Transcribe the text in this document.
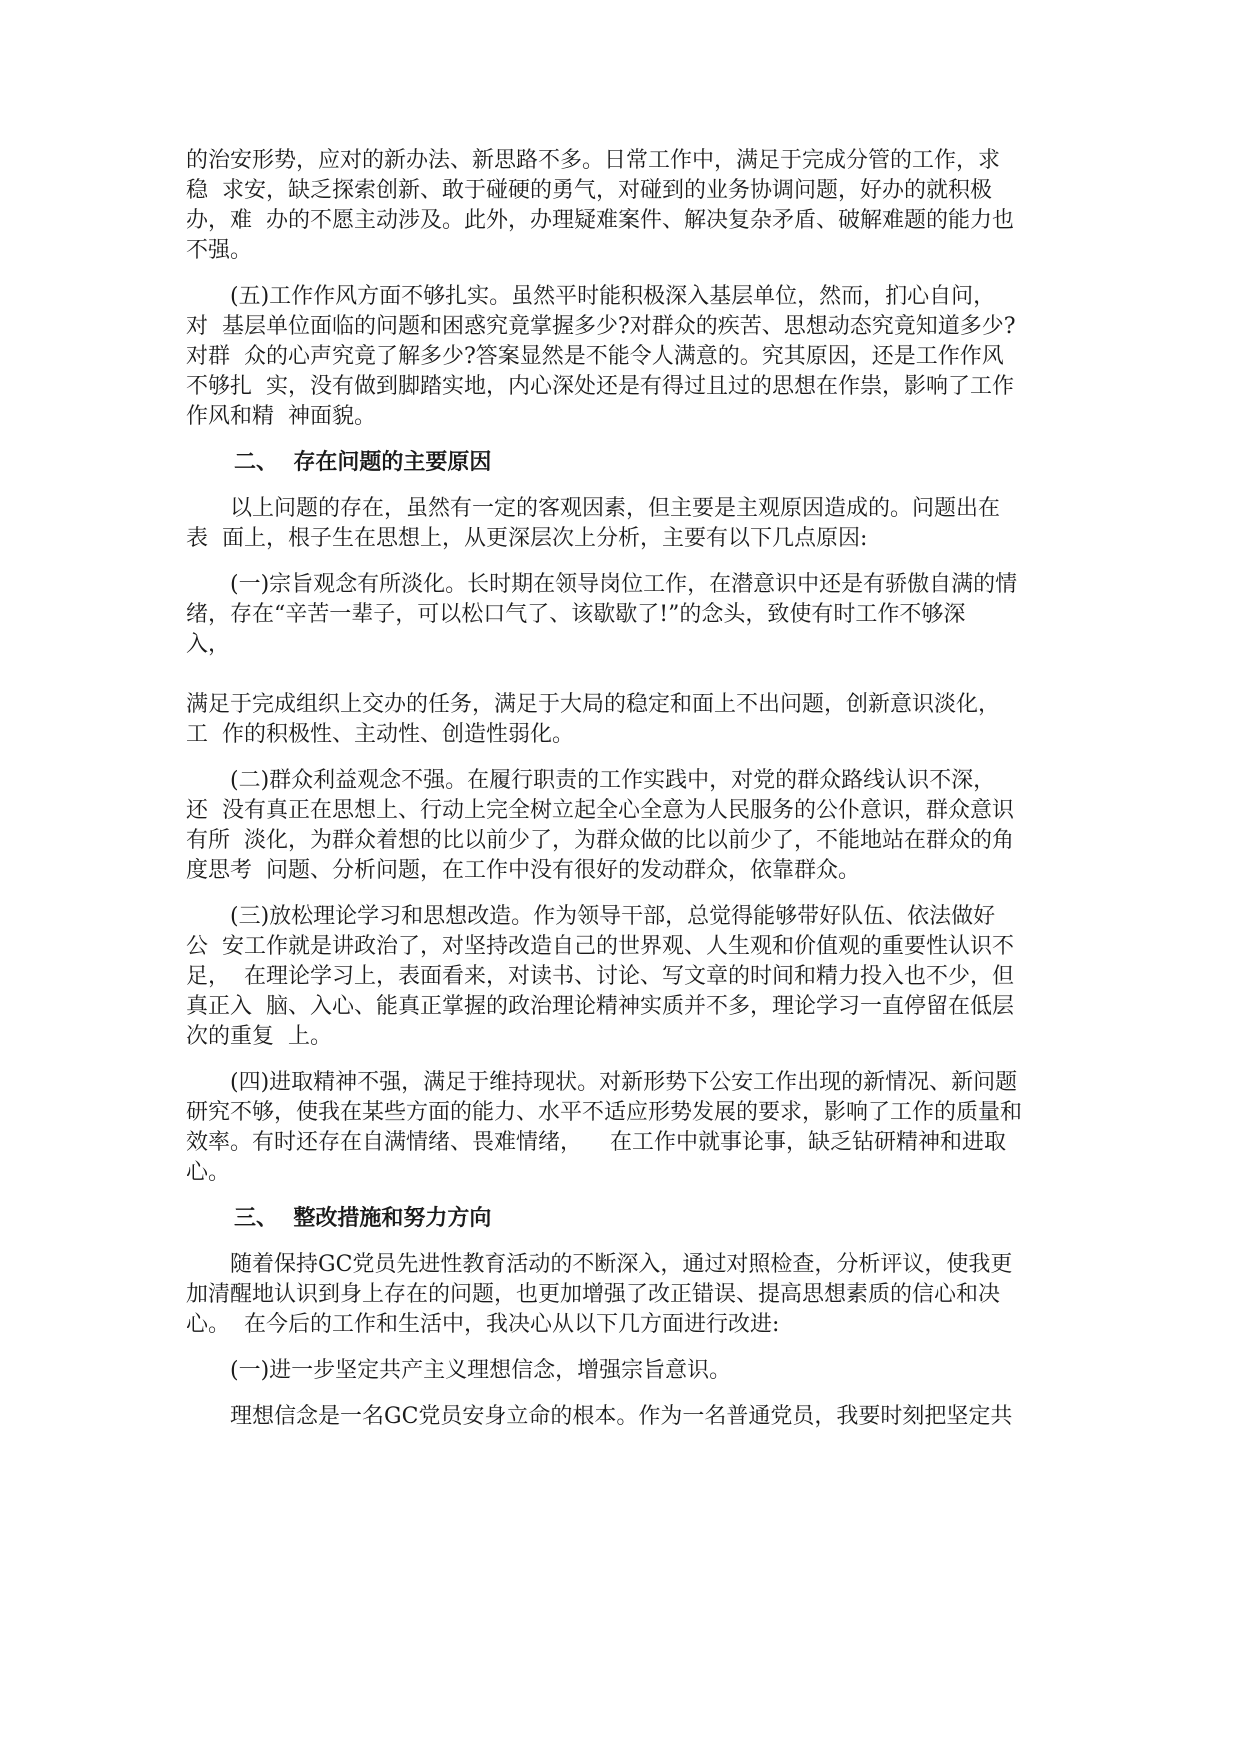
的治安形势，应对的新办法、新思路不多。日常工作中，满足于完成分管的工作，求

稳  求安，缺乏探索创新、敢于碰硬的勇气，对碰到的业务协调问题，好办的就积极

办，难  办的不愿主动涉及。此外，办理疑难案件、解决复杂矛盾、破解难题的能力也

不强。

(五)工作作风方面不够扎实。虽然平时能积极深入基层单位，然而，扪心自问，

对  基层单位面临的问题和困惑究竟掌握多少?对群众的疾苦、思想动态究竟知道多少?

对群  众的心声究竟了解多少?答案显然是不能令人满意的。究其原因，还是工作作风

不够扎  实，没有做到脚踏实地，内心深处还是有得过且过的思想在作祟，影响了工作

作风和精  神面貌。

二、  存在问题的主要原因

以上问题的存在，虽然有一定的客观因素，但主要是主观原因造成的。问题出在

表  面上，根子生在思想上，从更深层次上分析，主要有以下几点原因:

(一)宗旨观念有所淡化。长时期在领导岗位工作，在潜意识中还是有骄傲自满的情

绪，存在“辛苦一辈子，可以松口气了、该歇歇了!”的念头，致使有时工作不够深

入，

满足于完成组织上交办的任务，满足于大局的稳定和面上不出问题，创新意识淡化，

工  作的积极性、主动性、创造性弱化。

(二)群众利益观念不强。在履行职责的工作实践中，对党的群众路线认识不深，

还  没有真正在思想上、行动上完全树立起全心全意为人民服务的公仆意识，群众意识

有所  淡化，为群众着想的比以前少了，为群众做的比以前少了，不能地站在群众的角

度思考  问题、分析问题，在工作中没有很好的发动群众，依靠群众。

(三)放松理论学习和思想改造。作为领导干部，总觉得能够带好队伍、依法做好

公  安工作就是讲政治了，对坚持改造自己的世界观、人生观和价值观的重要性认识不

足，  在理论学习上，表面看来，对读书、讨论、写文章的时间和精力投入也不少，但

真正入  脑、入心、能真正掌握的政治理论精神实质并不多，理论学习一直停留在低层

次的重复  上。

(四)进取精神不强，满足于维持现状。对新形势下公安工作出现的新情况、新问题

研究不够，使我在某些方面的能力、水平不适应形势发展的要求，影响了工作的质量和

效率。有时还存在自满情绪、畏难情绪，    在工作中就事论事，缺乏钻研精神和进取

心。

三、  整改措施和努力方向

随着保持GC党员先进性教育活动的不断深入，通过对照检查，分析评议，使我更

加清醒地认识到身上存在的问题，也更加增强了改正错误、提高思想素质的信心和决

心。  在今后的工作和生活中，我决心从以下几方面进行改进:

(一)进一步坚定共产主义理想信念，增强宗旨意识。

理想信念是一名GC党员安身立命的根本。作为一名普通党员，我要时刻把坚定共
